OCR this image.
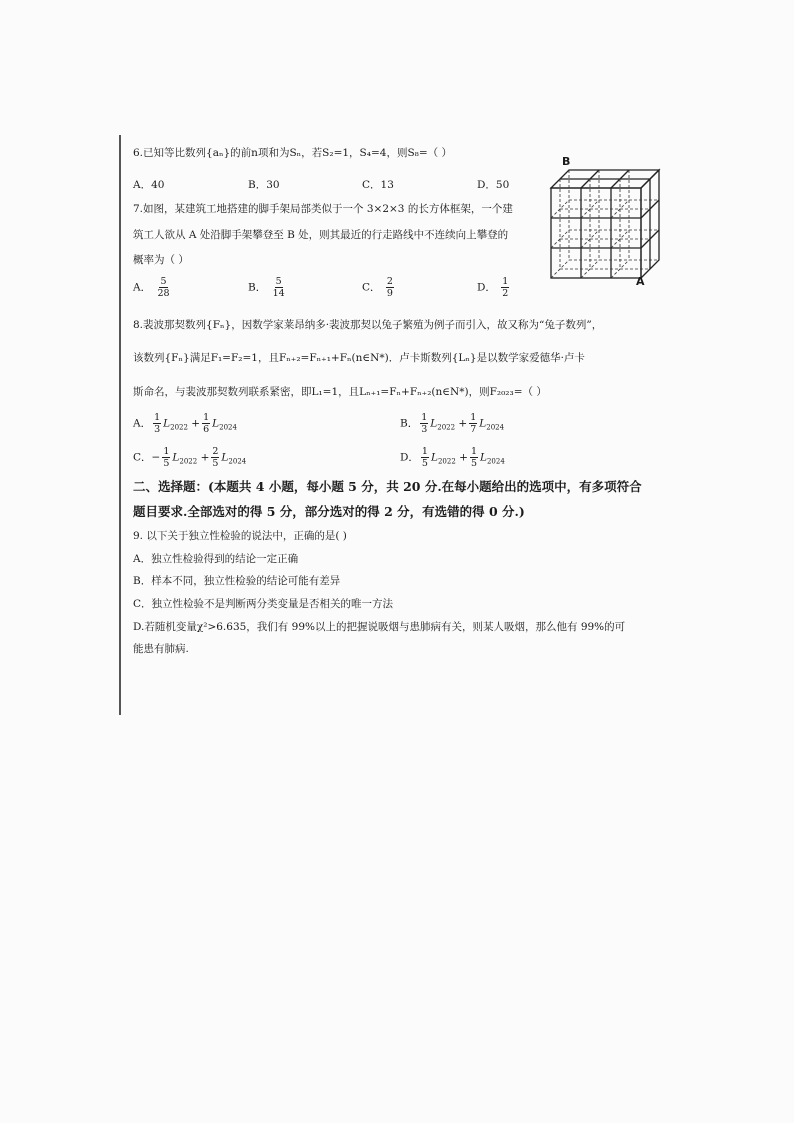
6.已知等比数列{aₙ}的前n项和为Sₙ，若S₂=1，S₄=4，则S₈=（ ）
A．40	B．30	C．13	D．50
7.如图，某建筑工地搭建的脚手架局部类似于一个 3×2×3 的长方体框架，一个建
筑工人欲从 A 处沿脚手架攀登至 B 处，则其最近的行走路线中不连续向上攀登的
概率为（ ）
A． $\frac{5}{28}$	B． $\frac{5}{14}$	C． $\frac{2}{9}$	D． $\frac{1}{2}$
B
A
8.裴波那契数列{Fₙ}，因数学家莱昂纳多·裴波那契以兔子繁殖为例子而引入，故又称为“兔子数列”，
该数列{Fₙ}满足F₁=F₂=1，且Fₙ₊₂=Fₙ₊₁+Fₙ(n∈N*)．卢卡斯数列{Lₙ}是以数学家爱德华·卢卡
斯命名，与裴波那契数列联系紧密，即L₁=1，且Lₙ₊₁=Fₙ+Fₙ₊₂(n∈N*)，则F₂₀₂₃=（ ）
A． $\frac{1}{3} L_{2022} + \frac{1}{6} L_{2024}$	B． $\frac{1}{3} L_{2022} + \frac{1}{7} L_{2024}$
C．− $\frac{1}{5} L_{2022} + \frac{2}{5} L_{2024}$	D． $\frac{1}{5} L_{2022} + \frac{1}{5} L_{2024}$
二、选择题：(本题共 4 小题，每小题 5 分，共 20 分.在每小题给出的选项中，有多项符合
题目要求.全部选对的得 5 分，部分选对的得 2 分，有选错的得 0 分.)
9. 以下关于独立性检验的说法中，正确的是( )
A．独立性检验得到的结论一定正确
B．样本不同，独立性检验的结论可能有差异
C．独立性检验不是判断两分类变量是否相关的唯一方法
D.若随机变量χ²>6.635，我们有 99%以上的把握说吸烟与患肺病有关，则某人吸烟，那么他有 99%的可
能患有肺病.
